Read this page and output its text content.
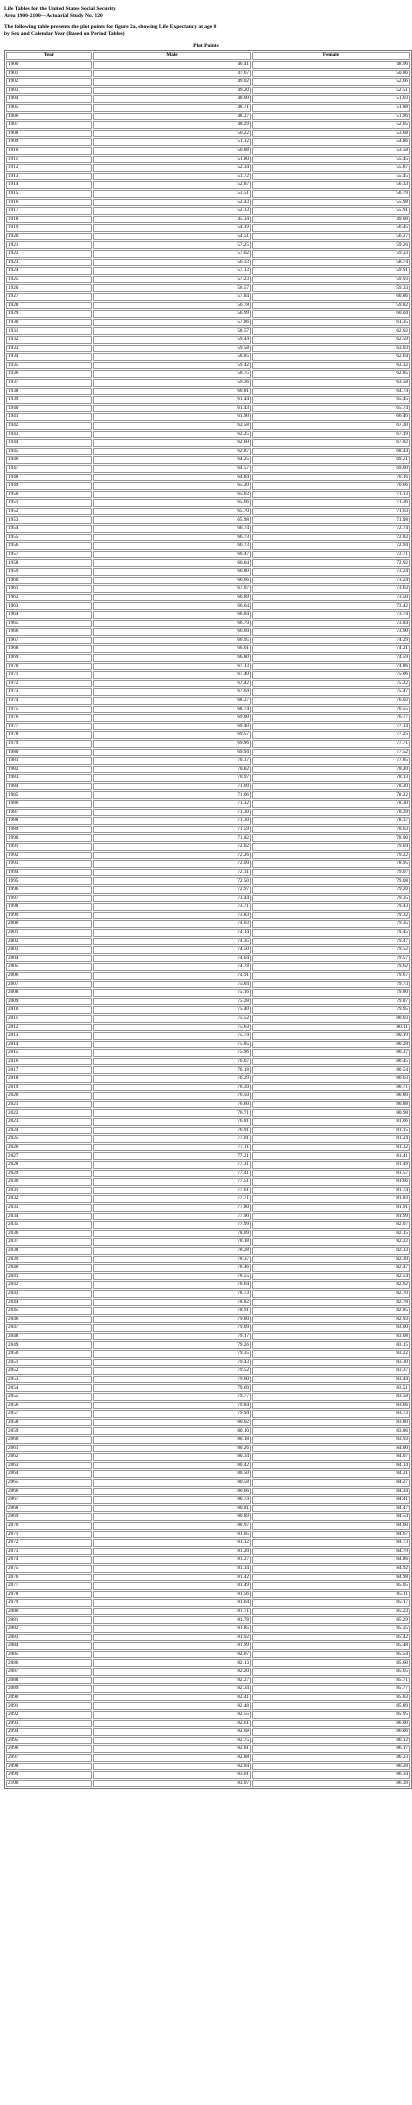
Life Tables for the United States Social Security
Area 1900-2100—Actuarial Study No. 120
The following table presents the plot points for figure 2a, showing Life Expectancy at age 0
by Sex and Calendar Year (Based on Period Tables)
Plot Points
Year	Male	Female
1900	46.41	48.96
1901	47.67	50.86
1902	49.02	52.66
1903	49.20	52.51
1904	48.00	51.03
1905	48.71	51.88
1906	48.27	51.96
1907	48.29	52.05
1908	50.22	53.68
1909	51.12	54.86
1910	50.88	53.58
1911	51.80	55.45
1912	52.34	55.87
1913	51.72	55.45
1914	52.87	56.33
1915	53.51	56.79
1916	52.43	55.98
1917	52.13	55.91
1918	45.34	49.08
1919	54.19	56.45
1920	54.51	56.27
1921	57.25	59.26
1922	57.02	59.33
1923	56.33	58.74
1924	57.13	59.91
1925	57.23	59.93
1926	56.57	59.33
1927	57.84	60.86
1928	56.78	59.82
1929	56.99	60.04
1930	57.86	61.35
1931	58.57	62.02
1932	59.44	62.59
1933	59.58	63.03
1934	58.85	62.64
1935	59.42	63.32
1936	58.75	62.85
1937	59.36	63.58
1938	60.81	64.74
1939	61.44	65.45
1940	61.43	65.74
1941	61.90	66.46
1942	62.58	67.30
1943	62.25	67.19
1944	62.60	67.82
1945	62.87	68.44
1946	64.25	69.21
1947	64.57	69.60
1948	64.84	70.16
1949	65.20	70.66
1950	65.63	71.13
1951	65.66	71.36
1952	65.70	71.63
1953	65.98	71.98
1954	66.74	72.74
1955	66.73	72.83
1956	66.73	72.94
1957	66.47	72.71
1958	66.64	72.92
1959	66.80	73.24
1960	66.66	73.24
1961	67.07	73.63
1962	66.89	73.50
1963	66.64	73.42
1964	66.84	73.74
1965	66.79	73.84
1966	66.69	73.90
1967	66.95	74.29
1968	66.61	74.21
1969	66.80	74.59
1970	67.13	74.86
1971	67.40	75.06
1972	67.42	75.22
1973	67.64	75.47
1974	68.27	76.02
1975	68.74	76.55
1976	69.00	76.77
1977	69.40	77.14
1978	69.57	77.25
1979	69.96	77.71
1980	69.94	77.52
1981	70.37	77.85
1982	70.82	78.20
1983	70.97	78.13
1984	71.09	78.20
1985	71.06	78.22
1986	71.12	78.30
1987	71.30	78.39
1988	71.30	78.37
1989	71.59	78.63
1990	71.82	78.90
1991	72.02	79.04
1992	72.26	79.22
1993	72.09	78.95
1994	72.31	79.07
1995	72.50	79.08
1996	72.97	79.20
1997	73.44	79.35
1998	73.71	79.43
1999	73.83	79.32
2000	74.03	79.35
2001	74.14	79.45
2002	74.35	79.47
2003	74.50	79.52
2004	74.64	79.57
2005	74.78	79.62
2006	74.91	79.67
2007	75.04	79.73
2008	75.16	79.80
2009	75.28	79.87
2010	75.40	79.95
2011	75.52	80.03
2012	75.63	80.11
2013	75.74	80.19
2014	75.85	80.28
2015	75.96	80.37
2016	76.07	80.45
2017	76.18	80.54
2018	76.29	80.63
2019	76.39	80.71
2020	76.50	80.80
2021	76.60	80.88
2022	76.71	80.98
2023	76.81	81.06
2024	76.91	81.15
2025	77.01	81.24
2026	77.11	81.32
2027	77.21	81.41
2028	77.31	81.49
2029	77.41	81.57
2030	77.51	81.66
2031	77.61	81.74
2032	77.71	81.83
2033	77.80	81.91
2034	77.90	81.99
2035	77.99	82.07
2036	78.09	82.15
2037	78.18	82.22
2038	78.28	82.33
2039	78.37	82.39
2040	78.46	82.47
2041	78.55	82.54
2042	78.64	82.62
2043	78.73	82.70
2044	78.82	82.78
2045	78.91	82.85
2046	79.00	82.93
2047	79.09	83.00
2048	79.17	83.08
2049	79.26	83.15
2050	79.35	83.22
2051	79.43	83.30
2052	79.52	83.37
2053	79.60	83.44
2054	79.69	83.51
2055	79.77	83.58
2056	79.84	83.66
2057	79.94	83.73
2058	80.02	83.80
2059	80.10	83.86
2060	80.18	83.93
2061	80.26	84.00
2062	80.34	84.07
2063	80.42	84.14
2064	80.50	84.21
2065	80.58	84.27
2066	80.66	84.34
2067	80.74	84.41
2068	80.81	84.47
2069	80.89	84.54
2070	80.97	84.60
2071	81.05	84.67
2072	81.12	84.73
2073	81.20	84.79
2074	81.27	84.86
2075	81.34	84.92
2076	81.42	84.98
2077	81.49	85.05
2078	81.56	85.11
2079	81.64	85.17
2080	81.71	85.23
2081	81.78	85.29
2082	81.85	85.35
2083	81.92	85.42
2084	81.99	85.48
2085	82.07	85.54
2086	82.13	85.60
2087	82.20	85.65
2088	82.27	85.71
2089	82.34	85.77
2090	82.41	85.83
2091	82.48	85.89
2092	82.55	85.95
2093	82.61	86.00
2094	82.68	86.06
2095	82.75	86.12
2096	82.81	86.17
2097	82.88	86.23
2098	82.94	86.28
2099	83.01	86.34
2100	83.07	86.39
